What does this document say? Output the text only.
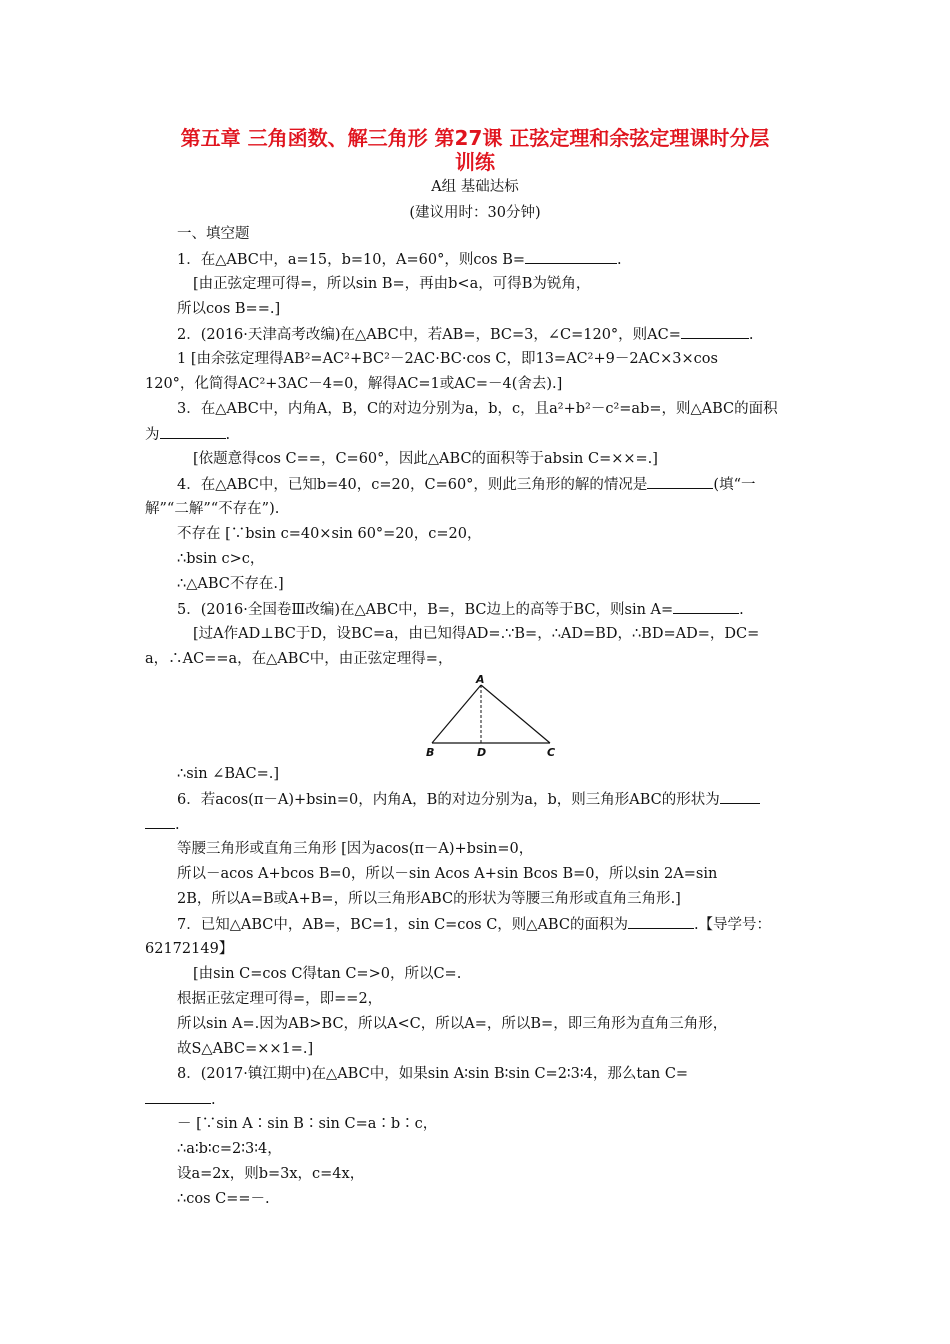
第五章 三角函数、解三角形 第27课 正弦定理和余弦定理课时分层
训练
A组 基础达标
(建议用时：30分钟)
一、填空题
1．在△ABC中，a=15，b=10，A=60°，则cos B=	.
[由正弦定理可得=，所以sin B=，再由b<a，可得B为锐角，
所以cos B==.]
2．(2016·天津高考改编)在△ABC中，若AB=，BC=3，∠C=120°，则AC=	.
1 [由余弦定理得AB²=AC²+BC²－2AC·BC·cos C，即13=AC²+9－2AC×3×cos
120°，化简得AC²+3AC－4=0，解得AC=1或AC=－4(舍去).]
3．在△ABC中，内角A，B，C的对边分别为a，b，c，且a²+b²－c²=ab=，则△ABC的面积
为	.
[依题意得cos C==，C=60°，因此△ABC的面积等于absin C=××=.]
4．在△ABC中，已知b=40，c=20，C=60°，则此三角形的解的情况是	(填“一
解”“二解”“不存在”).
不存在 [∵bsin c=40×sin 60°=20，c=20，
∴bsin c>c，
∴△ABC不存在.]
5．(2016·全国卷Ⅲ改编)在△ABC中，B=，BC边上的高等于BC，则sin A=	.
[过A作AD⊥BC于D，设BC=a，由已知得AD=.∵B=，∴AD=BD，∴BD=AD=，DC=
a，∴AC==a，在△ABC中，由正弦定理得=，
A
B	C
D
∴sin ∠BAC=.]
6．若acos(π－A)+bsin=0，内角A，B的对边分别为a，b，则三角形ABC的形状为
.
等腰三角形或直角三角形 [因为acos(π－A)+bsin=0，
所以－acos A+bcos B=0，所以－sin Acos A+sin Bcos B=0，所以sin 2A=sin
2B，所以A=B或A+B=，所以三角形ABC的形状为等腰三角形或直角三角形.]
7．已知△ABC中，AB=，BC=1，sin C=cos C，则△ABC的面积为	.【导学号：
62172149】
[由sin C=cos C得tan C=>0，所以C=.
根据正弦定理可得=，即==2，
所以sin A=.因为AB>BC，所以A<C，所以A=，所以B=，即三角形为直角三角形，
故S△ABC=××1=.]
8．(2017·镇江期中)在△ABC中，如果sin A∶sin B∶sin C=2∶3∶4，那么tan C=
.
－ [∵sin A∶sin B∶sin C=a∶b∶c，
∴a∶b∶c=2∶3∶4，
设a=2x，则b=3x，c=4x，
∴cos C==－.
